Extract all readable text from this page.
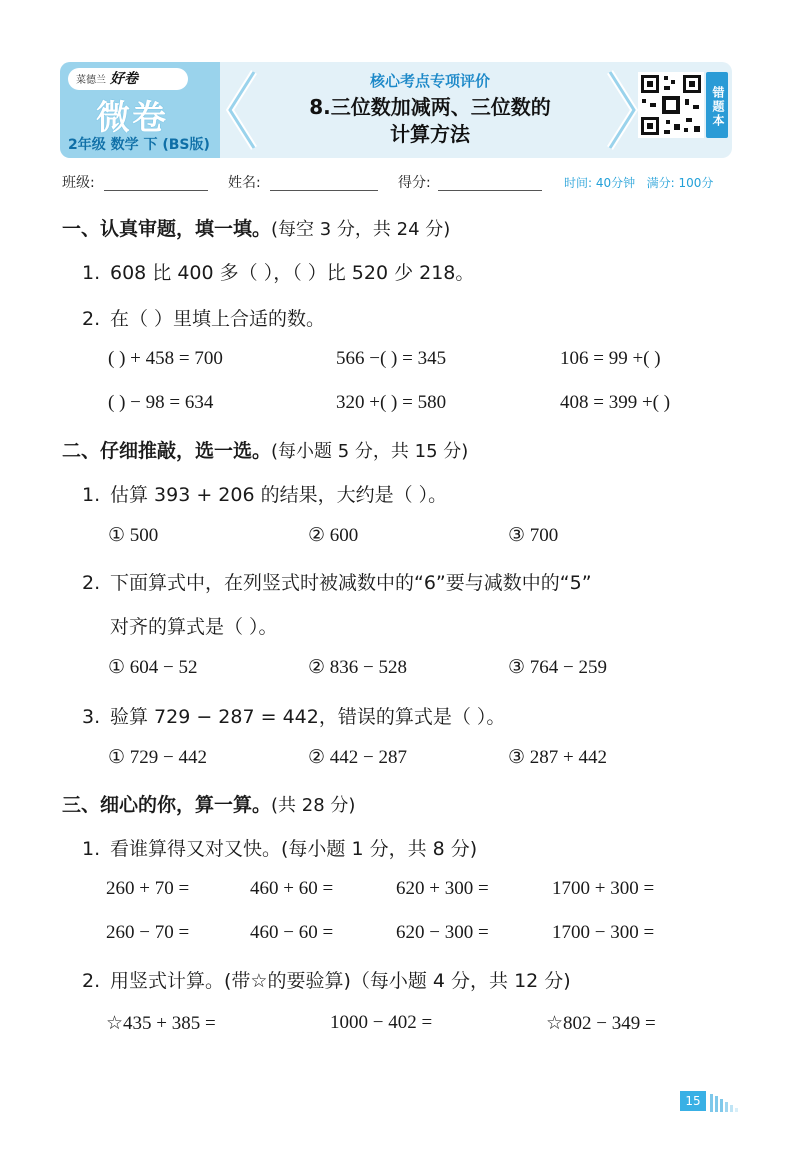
菜德兰 好卷
微卷
2年级 数学 下 (BS版)
核心考点专项评价
8.三位数加减两、三位数的
计算方法
错题本
班级:	姓名:	得分:	时间: 40分钟 满分: 100分
一、认真审题，填一填。(每空 3 分，共 24 分)
1. 608 比 400 多（ ），（ ）比 520 少 218。
2. 在（ ）里填上合适的数。
( ) + 458 = 700	566 −( ) = 345	106 = 99 +( )
( ) − 98 = 634	320 +( ) = 580	408 = 399 +( )
二、仔细推敲，选一选。(每小题 5 分，共 15 分)
1. 估算 393 + 206 的结果，大约是（ ）。
① 500	② 600	③ 700
2. 下面算式中，在列竖式时被减数中的“6”要与减数中的“5”
对齐的算式是（ ）。
① 604 − 52	② 836 − 528	③ 764 − 259
3. 验算 729 − 287 = 442，错误的算式是（ ）。
① 729 − 442	② 442 − 287	③ 287 + 442
三、细心的你，算一算。(共 28 分)
1. 看谁算得又对又快。(每小题 1 分，共 8 分)
260 + 70 =	460 + 60 =	620 + 300 =	1700 + 300 =
260 − 70 =	460 − 60 =	620 − 300 =	1700 − 300 =
2. 用竖式计算。(带☆的要验算)（每小题 4 分，共 12 分)
☆435 + 385 =	1000 − 402 =	☆802 − 349 =
15
